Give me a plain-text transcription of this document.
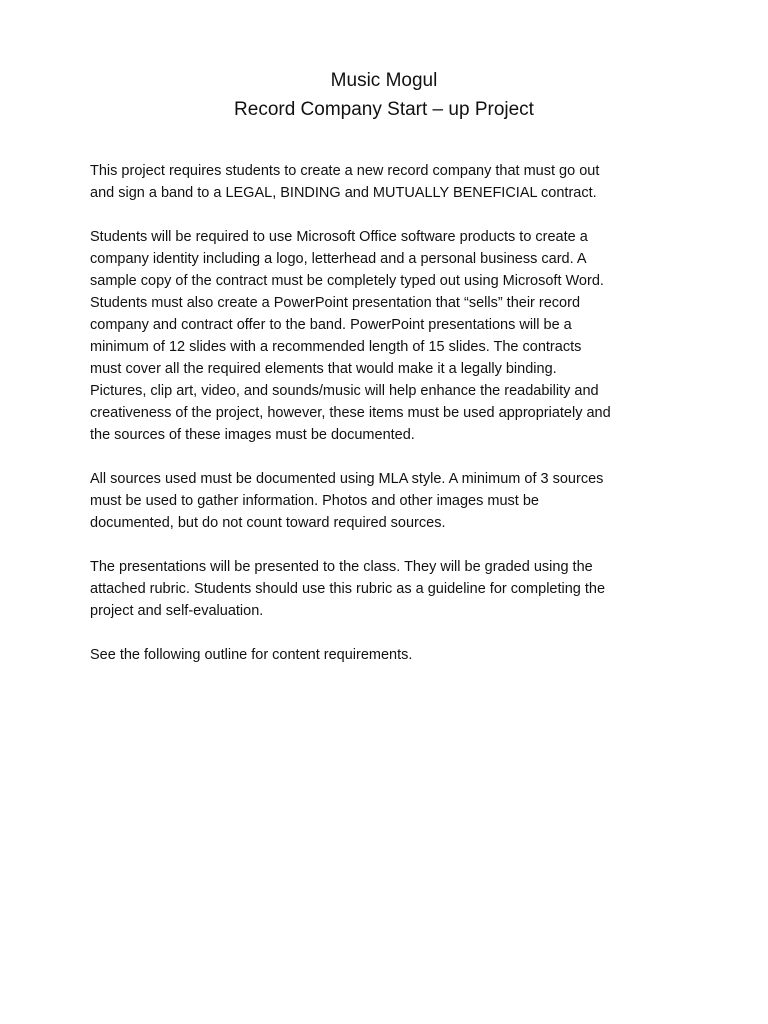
Music Mogul
Record Company Start – up Project
This project requires students to create a new record company that must go out
and sign a band to a LEGAL, BINDING and MUTUALLY BENEFICIAL contract.
Students will be required to use Microsoft Office software products to create a
company identity including a logo, letterhead and a personal business card. A
sample copy of the contract must be completely typed out using Microsoft Word.
Students must also create a PowerPoint presentation that “sells” their record
company and contract offer to the band. PowerPoint presentations will be a
minimum of 12 slides with a recommended length of 15 slides. The contracts
must cover all the required elements that would make it a legally binding.
Pictures, clip art, video, and sounds/music will help enhance the readability and
creativeness of the project, however, these items must be used appropriately and
the sources of these images must be documented.
All sources used must be documented using MLA style. A minimum of 3 sources
must be used to gather information. Photos and other images must be
documented, but do not count toward required sources.
The presentations will be presented to the class. They will be graded using the
attached rubric. Students should use this rubric as a guideline for completing the
project and self-evaluation.
See the following outline for content requirements.
